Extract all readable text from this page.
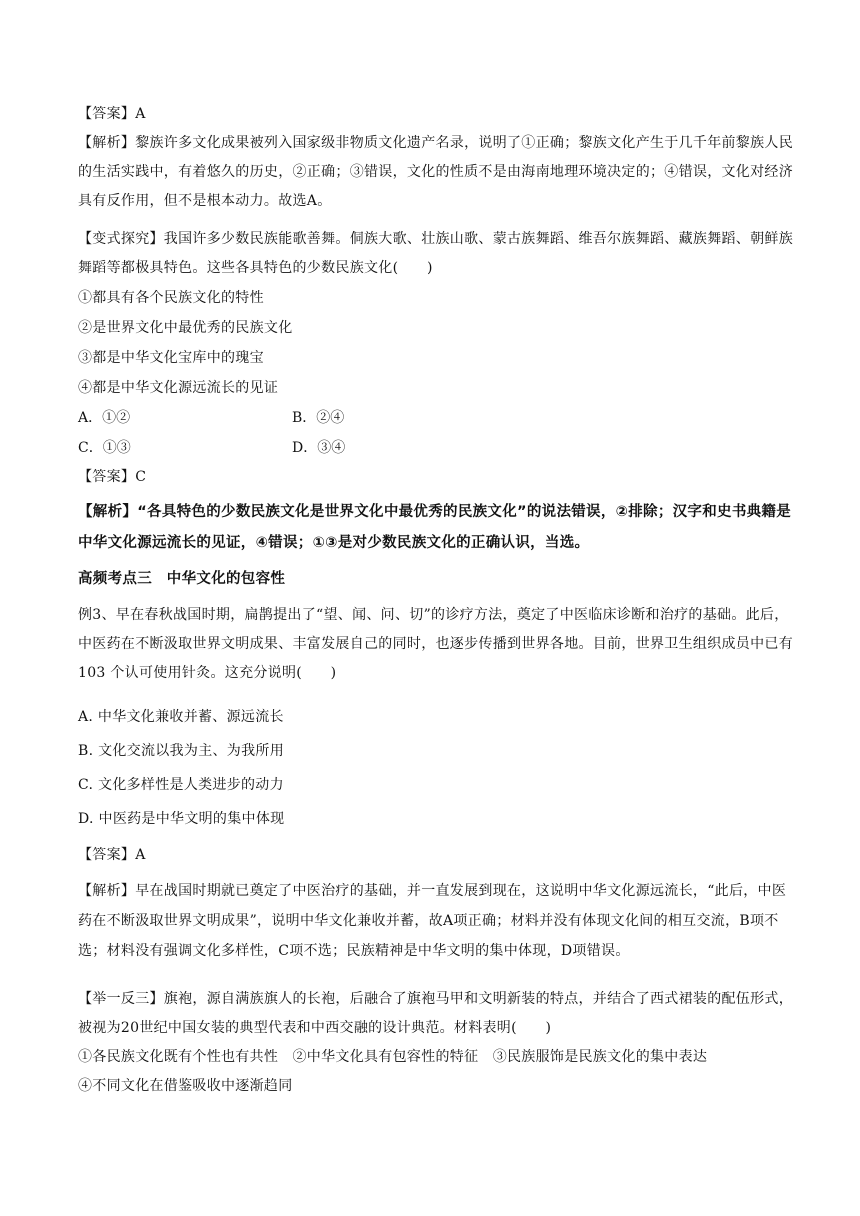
【答案】A
【解析】黎族许多文化成果被列入国家级非物质文化遗产名录，说明了①正确；黎族文化产生于几千年前黎族人民的生活实践中，有着悠久的历史，②正确；③错误，文化的性质不是由海南地理环境决定的；④错误，文化对经济具有反作用，但不是根本动力。故选A。
【变式探究】我国许多少数民族能歌善舞。侗族大歌、壮族山歌、蒙古族舞蹈、维吾尔族舞蹈、藏族舞蹈、朝鲜族舞蹈等都极具特色。这些各具特色的少数民族文化(　　)
①都具有各个民族文化的特性
②是世界文化中最优秀的民族文化
③都是中华文化宝库中的瑰宝
④都是中华文化源远流长的见证
A．①②	B．②④
C．①③	D．③④
【答案】C
【解析】“各具特色的少数民族文化是世界文化中最优秀的民族文化”的说法错误，②排除；汉字和史书典籍是中华文化源远流长的见证，④错误；①③是对少数民族文化的正确认识，当选。
高频考点三　中华文化的包容性
例3、早在春秋战国时期，扁鹊提出了“望、闻、问、切”的诊疗方法，奠定了中医临床诊断和治疗的基础。此后，中医药在不断汲取世界文明成果、丰富发展自己的同时，也逐步传播到世界各地。目前，世界卫生组织成员中已有 103 个认可使用针灸。这充分说明(　　)
A. 中华文化兼收并蓄、源远流长
B. 文化交流以我为主、为我所用
C. 文化多样性是人类进步的动力
D. 中医药是中华文明的集中体现
【答案】A
【解析】早在战国时期就已奠定了中医治疗的基础，并一直发展到现在，这说明中华文化源远流长，“此后，中医药在不断汲取世界文明成果”，说明中华文化兼收并蓄，故A项正确；材料并没有体现文化间的相互交流，B项不选；材料没有强调文化多样性，C项不选；民族精神是中华文明的集中体现，D项错误。
【举一反三】旗袍，源自满族旗人的长袍，后融合了旗袍马甲和文明新装的特点，并结合了西式裙装的配伍形式，被视为20世纪中国女装的典型代表和中西交融的设计典范。材料表明(　　)
①各民族文化既有个性也有共性　②中华文化具有包容性的特征　③民族服饰是民族文化的集中表达
④不同文化在借鉴吸收中逐渐趋同
